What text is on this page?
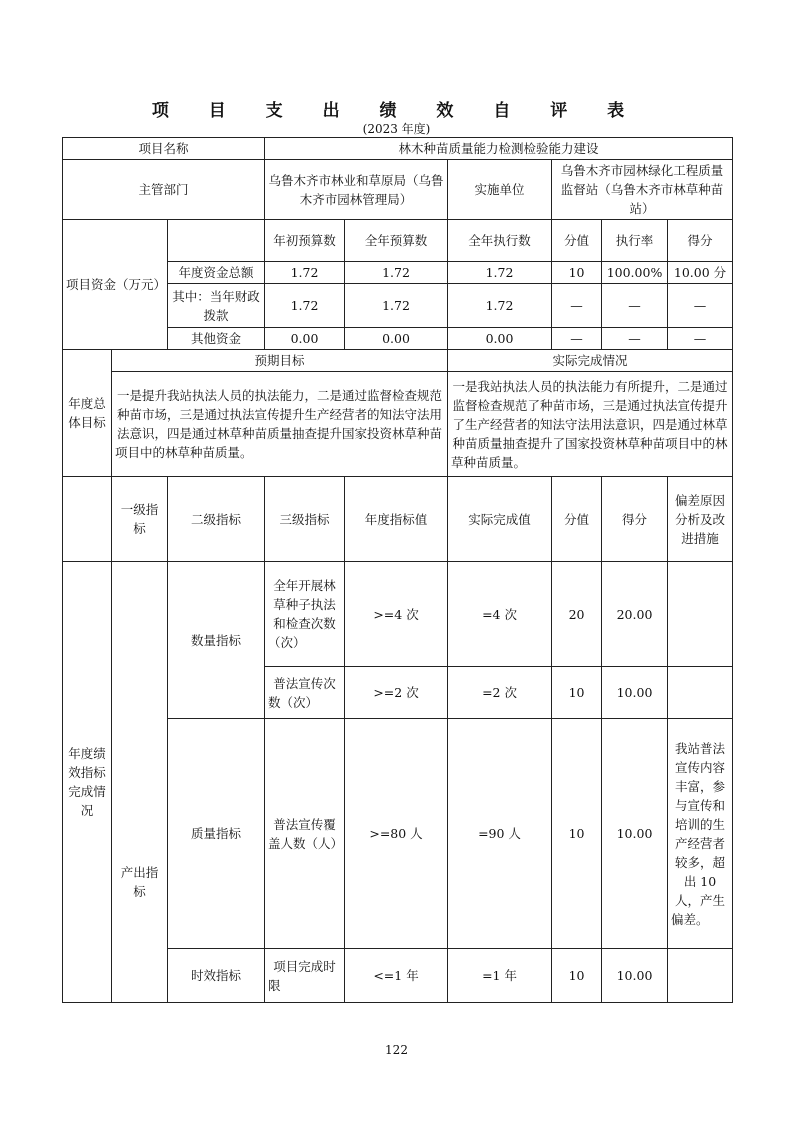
项 目 支 出 绩 效 自 评 表
(2023 年度)
项目名称			林木种苗质量能力检测检验能力建设					
主管部门			乌鲁木齐市林业和草原局（乌鲁木齐市园林管理局）		实施单位	乌鲁木齐市园林绿化工程质量监督站（乌鲁木齐市林草种苗站）		
项目资金（万元）			年初预算数	全年预算数	全年执行数	分值	执行率	得分
		年度资金总额	1.72	1.72	1.72	10	100.00%	10.00 分
		其中：当年财政拨款	1.72	1.72	1.72	—	—	—
		其他资金	0.00	0.00	0.00	—	—	—
年度总体目标	预期目标				实际完成情况			
	一是提升我站执法人员的执法能力，二是通过监督检查规范种苗市场，三是通过执法宣传提升生产经营者的知法守法用法意识，四是通过林草种苗质量抽查提升国家投资林草种苗项目中的林草种苗质量。				一是我站执法人员的执法能力有所提升，二是通过监督检查规范了种苗市场，三是通过执法宣传提升了生产经营者的知法守法用法意识，四是通过林草种苗质量抽查提升了国家投资林草种苗项目中的林草种苗质量。			
	一级指标	二级指标	三级指标	年度指标值	实际完成值	分值	得分	偏差原因分析及改进措施
年度绩效指标完成情况	产出指标	数量指标	全年开展林草种子执法和检查次数（次）	>=4 次	=4 次	20	20.00	
			普法宣传次数（次）	>=2 次	=2 次	10	10.00	
		质量指标	普法宣传覆盖人数（人）	>=80 人	=90 人	10	10.00	我站普法宣传内容丰富，参与宣传和培训的生产经营者较多，超出 10 人，产生偏差。
		时效指标	项目完成时限	<=1 年	=1 年	10	10.00	
122
